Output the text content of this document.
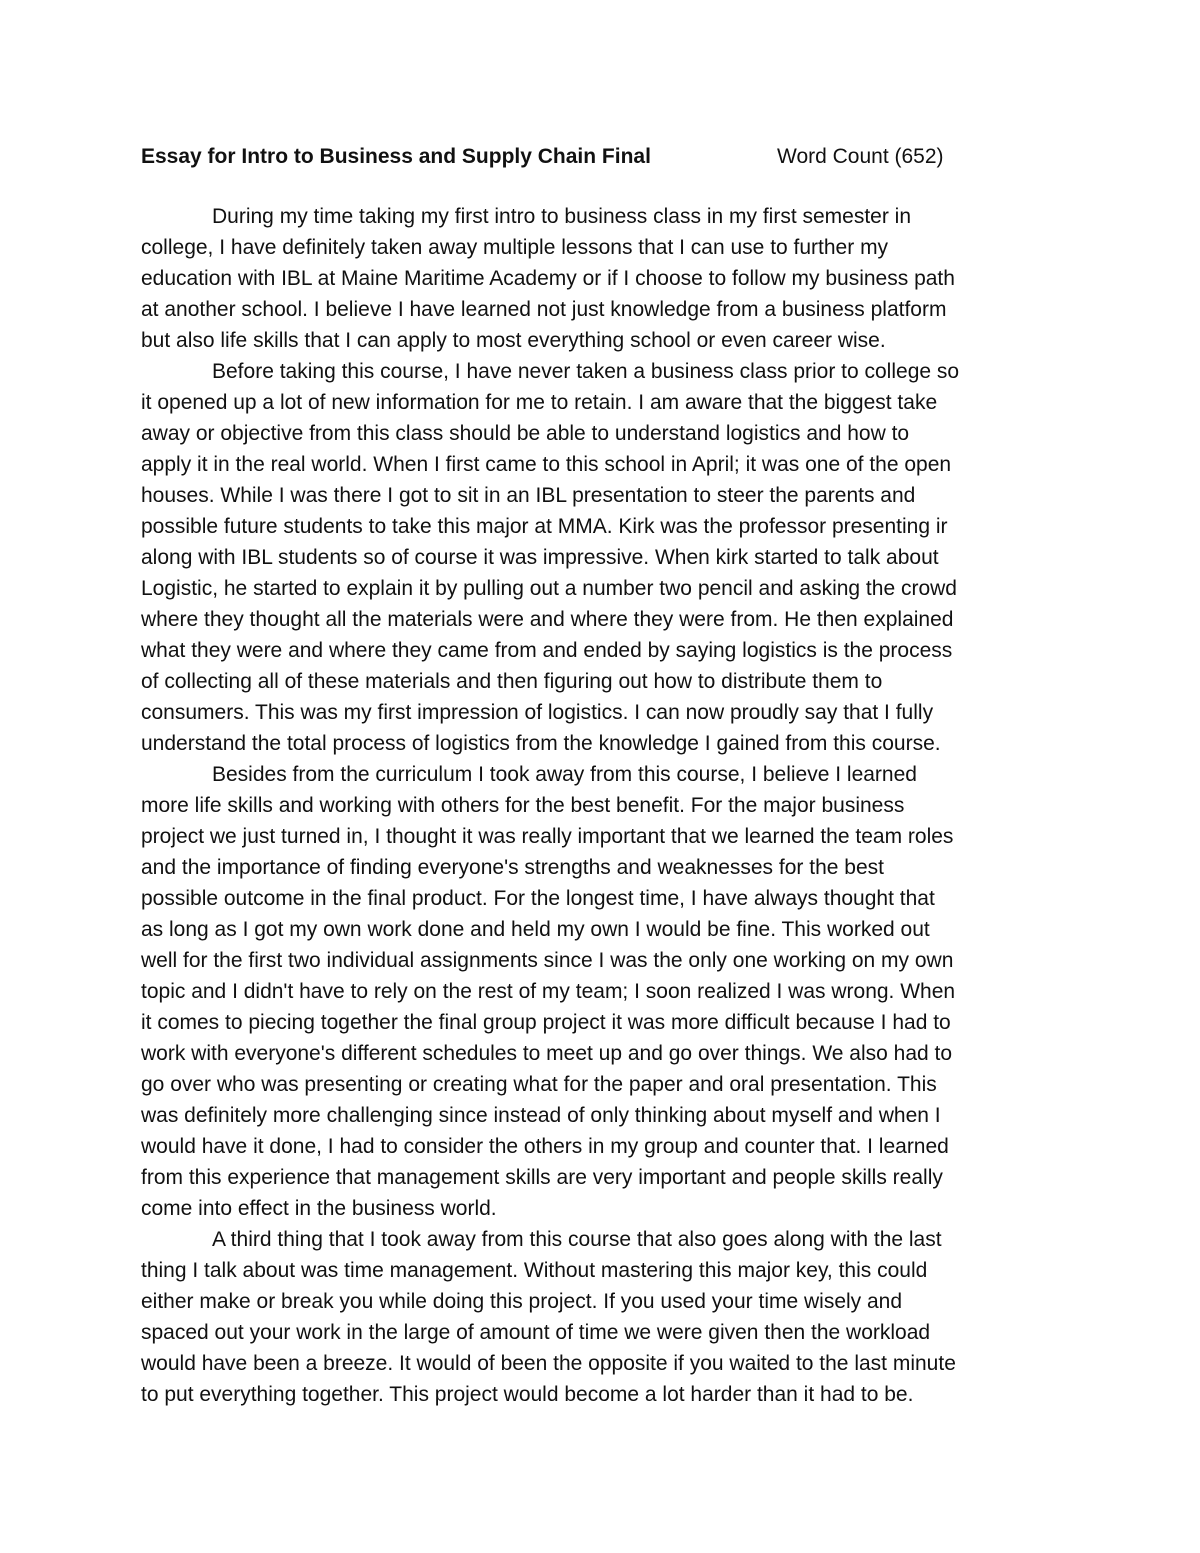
Essay for Intro to Business and Supply Chain Final	Word Count (652)
During my time taking my first intro to business class in my first semester in
college, I have definitely taken away multiple lessons that I can use to further my
education with IBL at Maine Maritime Academy or if I choose to follow my business path
at another school. I believe I have learned not just knowledge from a business platform
but also life skills that I can apply to most everything school or even career wise.
Before taking this course, I have never taken a business class prior to college so
it opened up a lot of new information for me to retain. I am aware that the biggest take
away or objective from this class should be able to understand logistics and how to
apply it in the real world. When I first came to this school in April; it was one of the open
houses. While I was there I got to sit in an IBL presentation to steer the parents and
possible future students to take this major at MMA. Kirk was the professor presenting ir
along with IBL students so of course it was impressive. When kirk started to talk about
Logistic, he started to explain it by pulling out a number two pencil and asking the crowd
where they thought all the materials were and where they were from. He then explained
what they were and where they came from and ended by saying logistics is the process
of collecting all of these materials and then figuring out how to distribute them to
consumers. This was my first impression of logistics. I can now proudly say that I fully
understand the total process of logistics from the knowledge I gained from this course.
Besides from the curriculum I took away from this course, I believe I learned
more life skills and working with others for the best benefit. For the major business
project we just turned in, I thought it was really important that we learned the team roles
and the importance of finding everyone's strengths and weaknesses for the best
possible outcome in the final product. For the longest time, I have always thought that
as long as I got my own work done and held my own I would be fine. This worked out
well for the first two individual assignments since I was the only one working on my own
topic and I didn't have to rely on the rest of my team; I soon realized I was wrong. When
it comes to piecing together the final group project it was more difficult because I had to
work with everyone's different schedules to meet up and go over things. We also had to
go over who was presenting or creating what for the paper and oral presentation. This
was definitely more challenging since instead of only thinking about myself and when I
would have it done, I had to consider the others in my group and counter that. I learned
from this experience that management skills are very important and people skills really
come into effect in the business world.
A third thing that I took away from this course that also goes along with the last
thing I talk about was time management. Without mastering this major key, this could
either make or break you while doing this project. If you used your time wisely and
spaced out your work in the large of amount of time we were given then the workload
would have been a breeze. It would of been the opposite if you waited to the last minute
to put everything together. This project would become a lot harder than it had to be.
